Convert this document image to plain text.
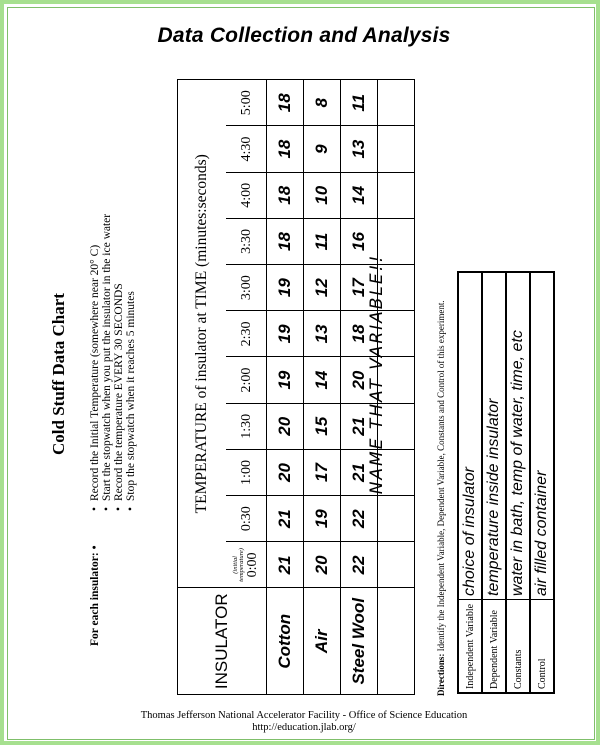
Data Collection and Analysis
Cold Stuff Data Chart
For each insulator: •
• Record the Initial Temperature (somewhere near 20° C) • Start the stopwatch when you put the insulator in the ice water • Record the temperature EVERY 30 SECONDS • Stop the stopwatch when it reaches 5 minutes
INSULATOR	TEMPERATURE of insulator at TIME (minutes:seconds)										

	(initial temperature) 0:00	0:30	1:00	1:30	2:00	2:30	3:00	3:30	4:00	4:30	5:00
Cotton	21	21	20	20	19	19	19	18	18	18	18
Air	20	19	17	15	14	13	12	11	10	9	8
Steel Wool	22	22	21	21	20	18	17	16	14	13	11

NAME THAT VARIABLE!!
Directions: Identify the Independent Variable, Dependent Variable, Constants and Control of this experiment. Independent Variable	choice of insulator
Dependent Variable	temperature inside insulator
Constants	water in bath, temp of water, time, etc
Control	air filled container
Thomas Jefferson National Accelerator Facility - Office of Science Education
http://education.jlab.org/
